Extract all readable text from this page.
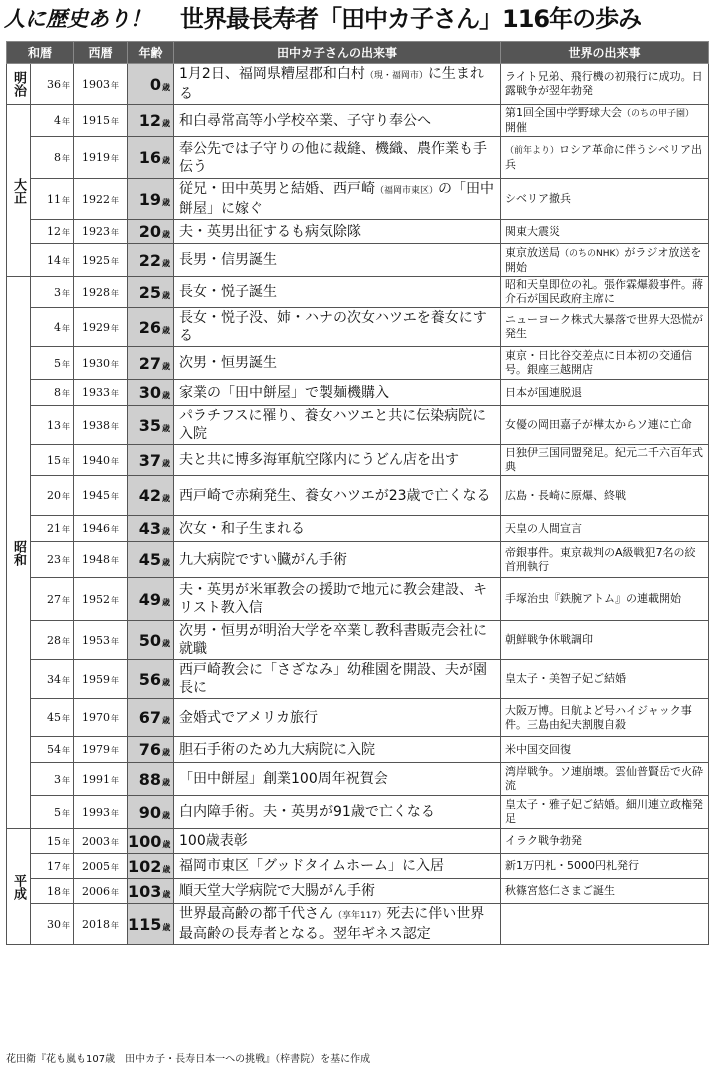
人に歴史あり！ 世界最長寿者「田中カ子さん」116年の歩み
和暦		西暦	年齢	田中カ子さんの出来事	世界の出来事
明治	36年	1903年	0歳	1月2日、福岡県糟屋郡和白村（現・福岡市）に生まれる	ライト兄弟、飛行機の初飛行に成功。日露戦争が翌年勃発
大正	4年	1915年	12歳	和白尋常高等小学校卒業、子守り奉公へ	第1回全国中学野球大会（のちの甲子園）開催
	8年	1919年	16歳	奉公先では子守りの他に裁縫、機織、農作業も手伝う	（前年より）ロシア革命に伴うシベリア出兵
	11年	1922年	19歳	従兄・田中英男と結婚、西戸崎（福岡市東区）の「田中餅屋」に嫁ぐ	シベリア撤兵
	12年	1923年	20歳	夫・英男出征するも病気除隊	関東大震災
	14年	1925年	22歳	長男・信男誕生	東京放送局（のちのNHK）がラジオ放送を開始
昭和	3年	1928年	25歳	長女・悦子誕生	昭和天皇即位の礼。張作霖爆殺事件。蔣介石が国民政府主席に
	4年	1929年	26歳	長女・悦子没、姉・ハナの次女ハツエを養女にする	ニューヨーク株式大暴落で世界大恐慌が発生
	5年	1930年	27歳	次男・恒男誕生	東京・日比谷交差点に日本初の交通信号。銀座三越開店
	8年	1933年	30歳	家業の「田中餅屋」で製麺機購入	日本が国連脱退
	13年	1938年	35歳	パラチフスに罹り、養女ハツエと共に伝染病院に入院	女優の岡田嘉子が樺太からソ連に亡命
	15年	1940年	37歳	夫と共に博多海軍航空隊内にうどん店を出す	日独伊三国同盟発足。紀元二千六百年式典
	20年	1945年	42歳	西戸崎で赤痢発生、養女ハツエが23歳で亡くなる	広島・長崎に原爆、終戦
	21年	1946年	43歳	次女・和子生まれる	天皇の人間宣言
	23年	1948年	45歳	九大病院ですい臓がん手術	帝銀事件。東京裁判のA級戦犯7名の絞首刑執行
	27年	1952年	49歳	夫・英男が米軍教会の援助で地元に教会建設、キリスト教入信	手塚治虫『鉄腕アトム』の連載開始
	28年	1953年	50歳	次男・恒男が明治大学を卒業し教科書販売会社に就職	朝鮮戦争休戦調印
	34年	1959年	56歳	西戸崎教会に「さざなみ」幼稚園を開設、夫が園長に	皇太子・美智子妃ご結婚
	45年	1970年	67歳	金婚式でアメリカ旅行	大阪万博。日航よど号ハイジャック事件。三島由紀夫割腹自殺
	54年	1979年	76歳	胆石手術のため九大病院に入院	米中国交回復
	3年	1991年	88歳	「田中餅屋」創業100周年祝賀会	湾岸戦争。ソ連崩壊。雲仙普賢岳で火砕流
	5年	1993年	90歳	白内障手術。夫・英男が91歳で亡くなる	皇太子・雅子妃ご結婚。細川連立政権発足
平成	15年	2003年	100歳	100歳表彰	イラク戦争勃発
	17年	2005年	102歳	福岡市東区「グッドタイムホーム」に入居	新1万円札・5000円札発行
	18年	2006年	103歳	順天堂大学病院で大腸がん手術	秋篠宮悠仁さまご誕生
	30年	2018年	115歳	世界最高齢の都千代さん（享年117）死去に伴い世界最高齢の長寿者となる。翌年ギネス認定	
花田衛『花も嵐も107歳　田中カ子・長寿日本一への挑戦』（梓書院）を基に作成
